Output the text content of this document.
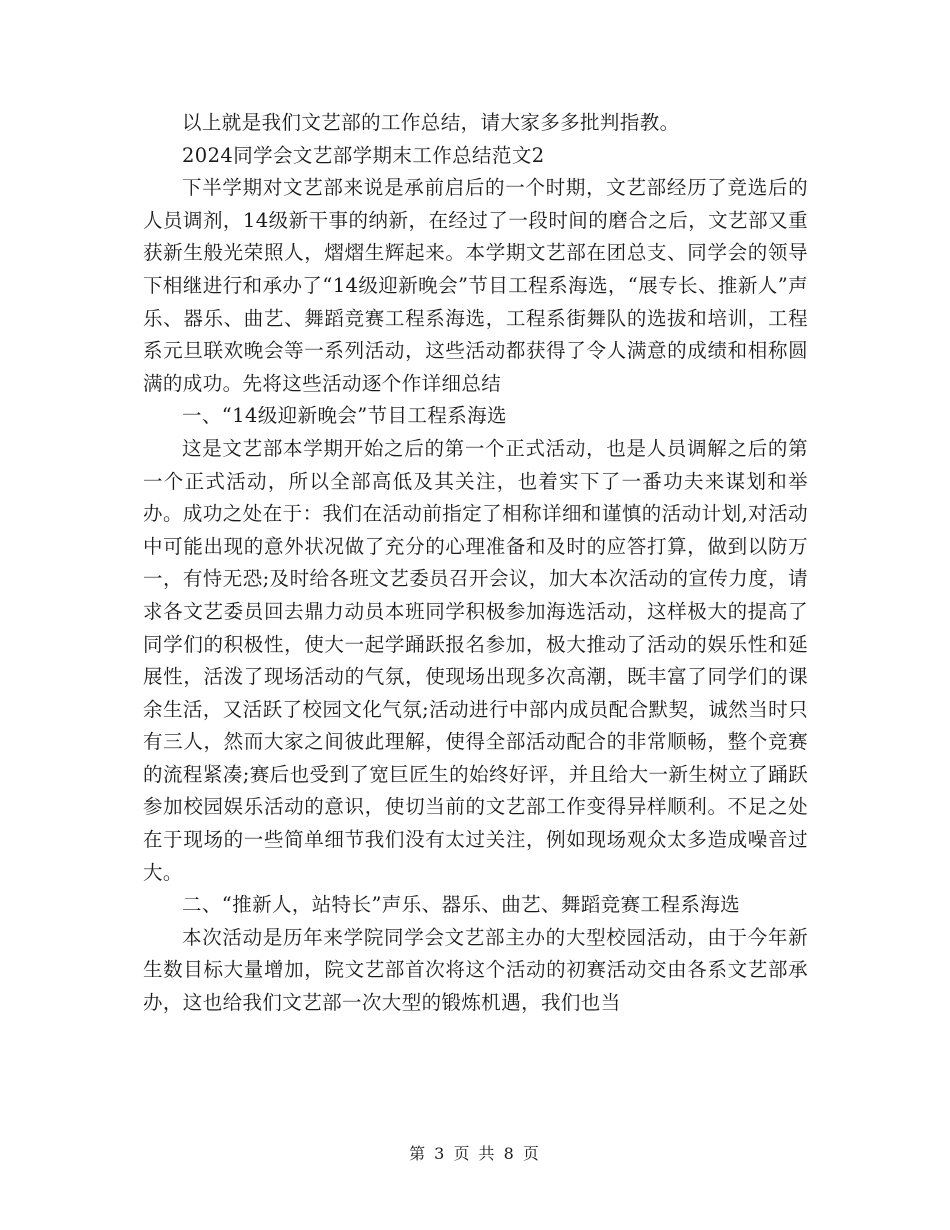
以上就是我们文艺部的工作总结，请大家多多批判指教。

2024同学会文艺部学期末工作总结范文2

下半学期对文艺部来说是承前启后的一个时期，文艺部经历了竞选后的人员调剂，14级新干事的纳新，在经过了一段时间的磨合之后，文艺部又重获新生般光荣照人，熠熠生辉起来。本学期文艺部在团总支、同学会的领导下相继进行和承办了“14级迎新晚会”节目工程系海选，“展专长、推新人”声乐、器乐、曲艺、舞蹈竞赛工程系海选，工程系街舞队的选拔和培训，工程系元旦联欢晚会等一系列活动，这些活动都获得了令人满意的成绩和相称圆满的成功。先将这些活动逐个作详细总结

一、“14级迎新晚会”节目工程系海选

这是文艺部本学期开始之后的第一个正式活动，也是人员调解之后的第一个正式活动，所以全部高低及其关注，也着实下了一番功夫来谋划和举办。成功之处在于：我们在活动前指定了相称详细和谨慎的活动计划,对活动中可能出现的意外状况做了充分的心理准备和及时的应答打算，做到以防万一，有恃无恐;及时给各班文艺委员召开会议，加大本次活动的宣传力度，请求各文艺委员回去鼎力动员本班同学积极参加海选活动，这样极大的提高了同学们的积极性，使大一起学踊跃报名参加，极大推动了活动的娱乐性和延展性，活泼了现场活动的气氛，使现场出现多次高潮，既丰富了同学们的课余生活，又活跃了校园文化气氛;活动进行中部内成员配合默契，诚然当时只有三人，然而大家之间彼此理解，使得全部活动配合的非常顺畅，整个竞赛的流程紧凑;赛后也受到了宽巨匠生的始终好评，并且给大一新生树立了踊跃参加校园娱乐活动的意识，使切当前的文艺部工作变得异样顺利。不足之处在于现场的一些简单细节我们没有太过关注，例如现场观众太多造成噪音过大。

二、“推新人，站特长”声乐、器乐、曲艺、舞蹈竞赛工程系海选

本次活动是历年来学院同学会文艺部主办的大型校园活动，由于今年新生数目标大量增加，院文艺部首次将这个活动的初赛活动交由各系文艺部承办，这也给我们文艺部一次大型的锻炼机遇，我们也当

第 3 页 共 8 页
